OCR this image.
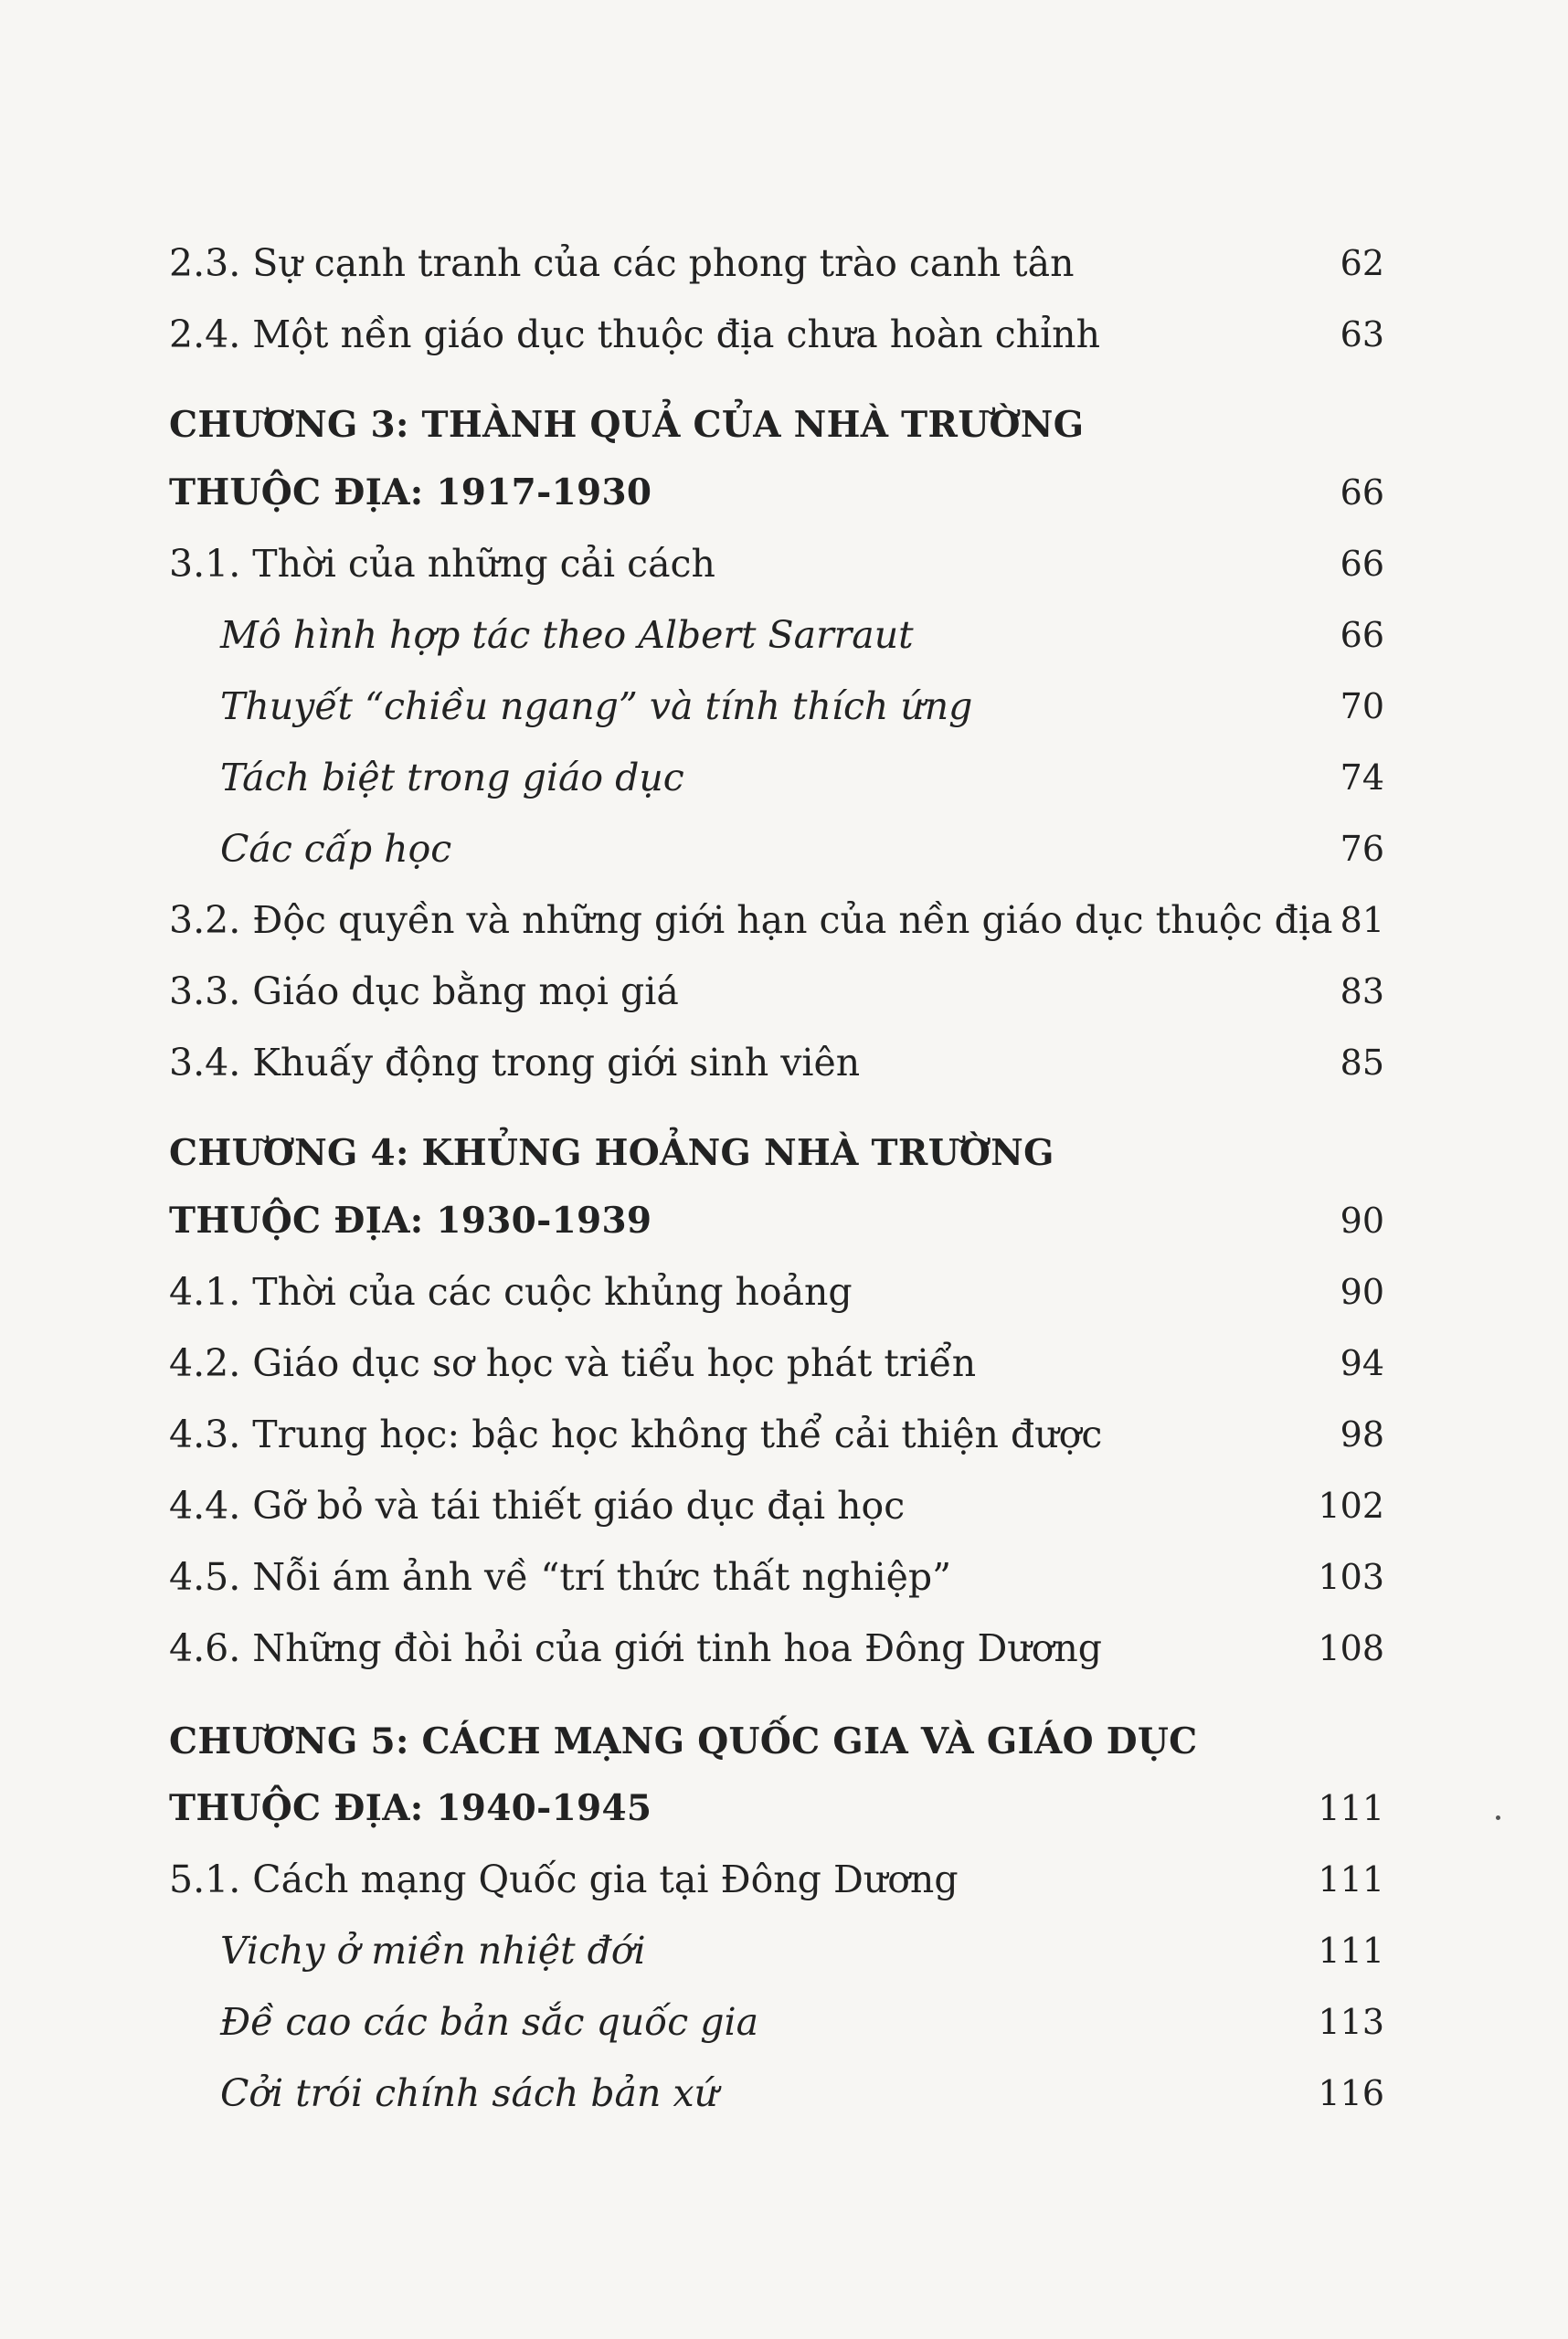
2.3. Sự cạnh tranh của các phong trào canh tân	62
2.4. Một nền giáo dục thuộc địa chưa hoàn chỉnh	63
CHƯƠNG 3: THÀNH QUẢ CỦA NHÀ TRƯỜNG
THUỘC ĐỊA: 1917-1930	66
3.1. Thời của những cải cách	66
Mô hình hợp tác theo Albert Sarraut	66
Thuyết “chiều ngang” và tính thích ứng	70
Tách biệt trong giáo dục	74
Các cấp học	76
3.2. Độc quyền và những giới hạn của nền giáo dục thuộc địa 81
3.3. Giáo dục bằng mọi giá	83
3.4. Khuấy động trong giới sinh viên	85
CHƯƠNG 4: KHỦNG HOẢNG NHÀ TRƯỜNG
THUỘC ĐỊA: 1930-1939	90
4.1. Thời của các cuộc khủng hoảng	90
4.2. Giáo dục sơ học và tiểu học phát triển	94
4.3. Trung học: bậc học không thể cải thiện được	98
4.4. Gỡ bỏ và tái thiết giáo dục đại học	102
4.5. Nỗi ám ảnh về “trí thức thất nghiệp”	103
4.6. Những đòi hỏi của giới tinh hoa Đông Dương	108
CHƯƠNG 5: CÁCH MẠNG QUỐC GIA VÀ GIÁO DỤC
THUỘC ĐỊA: 1940-1945	111
5.1. Cách mạng Quốc gia tại Đông Dương	111
Vichy ở miền nhiệt đới	111
Đề cao các bản sắc quốc gia	113
Cởi trói chính sách bản xứ	116
